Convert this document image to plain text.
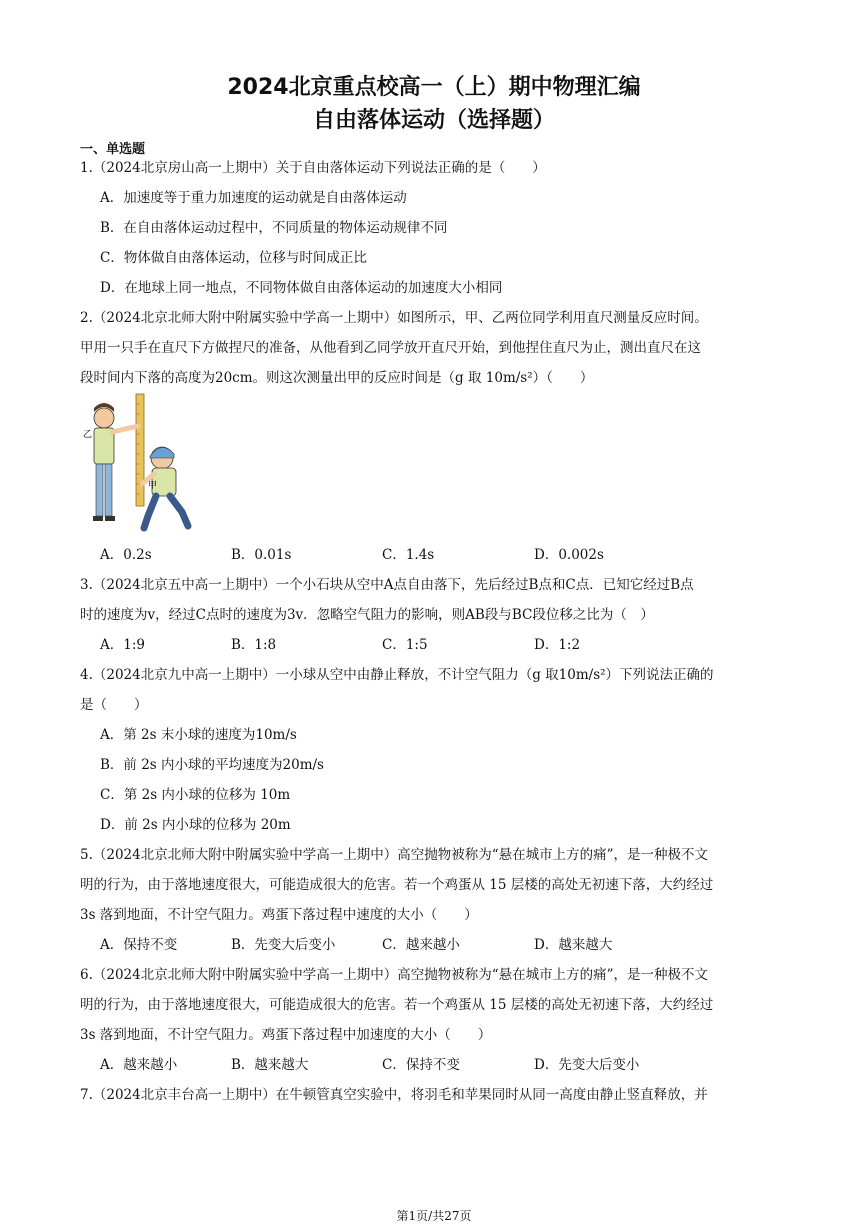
2024北京重点校高一（上）期中物理汇编
自由落体运动（选择题）
一、单选题
1.（2024北京房山高一上期中）关于自由落体运动下列说法正确的是（　　）
A．加速度等于重力加速度的运动就是自由落体运动
B．在自由落体运动过程中，不同质量的物体运动规律不同
C．物体做自由落体运动，位移与时间成正比
D．在地球上同一地点，不同物体做自由落体运动的加速度大小相同
2.（2024北京北师大附中附属实验中学高一上期中）如图所示，甲、乙两位同学利用直尺测量反应时间。
甲用一只手在直尺下方做捏尺的准备，从他看到乙同学放开直尺开始，到他捏住直尺为止，测出直尺在这
段时间内下落的高度为20cm。则这次测量出甲的反应时间是（g 取 10m/s²）（　　）
乙
甲
A．0.2s	B．0.01s	C．1.4s	D．0.002s
3.（2024北京五中高一上期中）一个小石块从空中A点自由落下，先后经过B点和C点．已知它经过B点
时的速度为v，经过C点时的速度为3v．忽略空气阻力的影响，则AB段与BC段位移之比为（　）
A．1:9	B．1:8	C．1:5	D．1:2
4.（2024北京九中高一上期中）一小球从空中由静止释放，不计空气阻力（g 取10m/s²）下列说法正确的
是（　　）
A．第 2s 末小球的速度为10m/s
B．前 2s 内小球的平均速度为20m/s
C．第 2s 内小球的位移为 10m
D．前 2s 内小球的位移为 20m
5.（2024北京北师大附中附属实验中学高一上期中）高空抛物被称为“悬在城市上方的痛”，是一种极不文
明的行为，由于落地速度很大，可能造成很大的危害。若一个鸡蛋从 15 层楼的高处无初速下落，大约经过
3s 落到地面，不计空气阻力。鸡蛋下落过程中速度的大小（　　）
A．保持不变	B．先变大后变小	C．越来越小	D．越来越大
6.（2024北京北师大附中附属实验中学高一上期中）高空抛物被称为“悬在城市上方的痛”，是一种极不文
明的行为，由于落地速度很大，可能造成很大的危害。若一个鸡蛋从 15 层楼的高处无初速下落，大约经过
3s 落到地面，不计空气阻力。鸡蛋下落过程中加速度的大小（　　）
A．越来越小	B．越来越大	C．保持不变	D．先变大后变小
7.（2024北京丰台高一上期中）在牛顿管真空实验中，将羽毛和苹果同时从同一高度由静止竖直释放，并
第1页/共27页
